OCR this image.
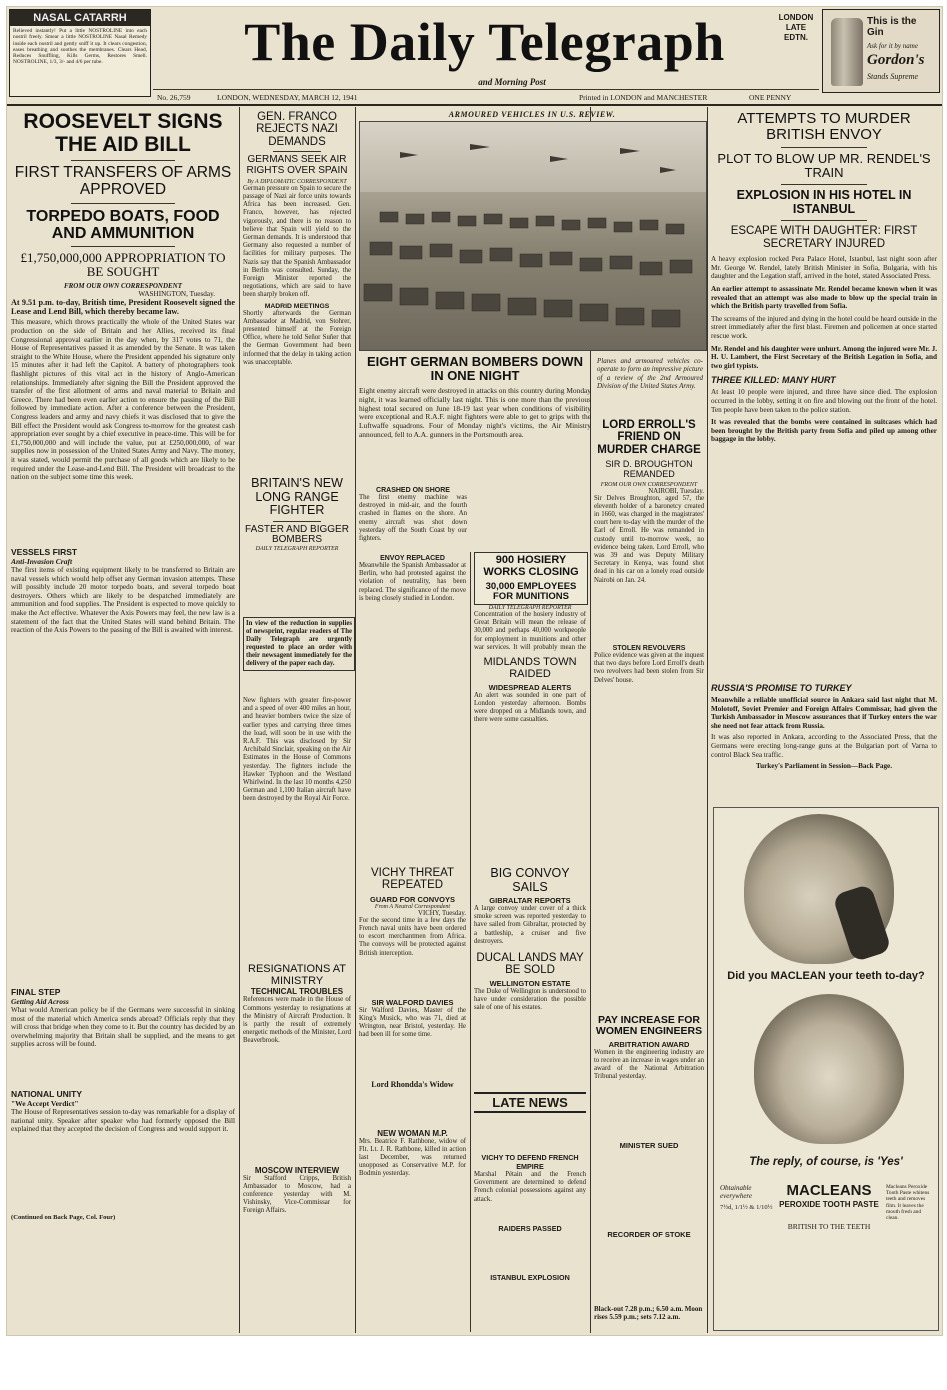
NASAL CATARRH
Relieved instantly! Put a little NOSTROLINE into each nostril freely. Smear a little NOSTROLINE Nasal Remedy inside each nostril and gently sniff it up. It clears congestion, eases breathing and soothes the membranes. Clears Head, Reduces Snuffling, Kills Germs, Restores Smell. NOSTROLINE, 1/3, 3/- and 4/6 per tube.	The Daily Telegraph
and Morning Post
LONDON LATE EDTN.
This is the Gin
Ask for it by name
Gordon's
Stands Supreme
No. 26,759	LONDON, WEDNESDAY, MARCH 12, 1941	Printed in LONDON and MANCHESTER	ONE PENNY
ROOSEVELT SIGNS THE AID BILL
FIRST TRANSFERS OF ARMS APPROVED
TORPEDO BOATS, FOOD AND AMMUNITION
£1,750,000,000 APPROPRIATION TO BE SOUGHT
FROM OUR OWN CORRESPONDENT
WASHINGTON, Tuesday.
At 9.51 p.m. to-day, British time, President Roosevelt signed the Lease and Lend Bill, which thereby became law.
This measure, which throws practically the whole of the United States war production on the side of Britain and her Allies, received its final Congressional approval earlier in the day when, by 317 votes to 71, the House of Representatives passed it as amended by the Senate. It was taken straight to the White House, where the President appended his signature only 15 minutes after it had left the Capitol. A battery of photographers took flashlight pictures of this vital act in the history of Anglo-American relationships. Immediately after signing the Bill the President approved the transfer of the first allotment of arms and naval material to Britain and Greece. There had been even earlier action to ensure the passing of the Bill followed by immediate action. After a conference between the President, Congress leaders and army and navy chiefs it was disclosed that to give the Bill effect the President would ask Congress to-morrow for the greatest cash appropriation ever sought by a chief executive in peace-time. This will be for £1,750,000,000 and will include the value, put at £250,000,000, of war supplies now in possession of the United States Army and Navy. The money, it was stated, would permit the purchase of all goods which are likely to be required under the Lease-and-Lend Bill. The President will broadcast to the nation on the subject some time this week.
VESSELS FIRST
Anti-Invasion Craft
The first items of existing equipment likely to be transferred to Britain are naval vessels which would help offset any German invasion attempts. These will possibly include 20 motor torpedo boats, and several torpedo boat destroyers. Others which are likely to be despatched immediately are ammunition and food supplies. The President is expected to move quickly to make the Act effective. Whatever the Axis Powers may feel, the new law is a statement of the fact that the United States will stand behind Britain. The reaction of the Axis Powers to the passing of the Bill is awaited with interest.
FINAL STEP
Getting Aid Across
What would American policy be if the Germans were successful in sinking most of the material which America sends abroad? Officials reply that they will cross that bridge when they come to it. But the country has decided by an overwhelming majority that Britain shall be supplied, and the means to get supplies across will be found.
NATIONAL UNITY
"We Accept Verdict"
The House of Representatives session to-day was remarkable for a display of national unity. Speaker after speaker who had formerly opposed the Bill explained that they accepted the decision of Congress and would support it.
(Continued on Back Page, Col. Four)
GEN. FRANCO REJECTS NAZI DEMANDS
GERMANS SEEK AIR RIGHTS OVER SPAIN
By A DIPLOMATIC CORRESPONDENT
German pressure on Spain to secure the passage of Nazi air force units towards Africa has been increased. Gen. Franco, however, has rejected vigorously, and there is no reason to believe that Spain will yield to the German demands. It is understood that Germany also requested a number of facilities for military purposes. The Nazis say that the Spanish Ambassador in Berlin was consulted. Sunday, the Foreign Minister reported the negotiations, which are said to have been sharply broken off.
MADRID MEETINGS
Shortly afterwards the German Ambassador at Madrid, von Stohrer, presented himself at the Foreign Office, where he told Señor Suñer that the German Government had been informed that the delay in taking action was unacceptable.
In view of the reduction in supplies of newsprint, regular readers of The Daily Telegraph are urgently requested to place an order with their newsagent immediately for the delivery of the paper each day.
BRITAIN'S NEW LONG RANGE FIGHTER
FASTER AND BIGGER BOMBERS
DAILY TELEGRAPH REPORTER
New fighters with greater fire-power and a speed of over 400 miles an hour, and heavier bombers twice the size of earlier types and carrying three times the load, will soon be in use with the R.A.F. This was disclosed by Sir Archibald Sinclair, speaking on the Air Estimates in the House of Commons yesterday. The fighters include the Hawker Typhoon and the Westland Whirlwind. In the last 10 months 4,250 German and 1,100 Italian aircraft have been destroyed by the Royal Air Force.
RESIGNATIONS AT MINISTRY
TECHNICAL TROUBLES
References were made in the House of Commons yesterday to resignations at the Ministry of Aircraft Production. It is partly the result of extremely energetic methods of the Minister, Lord Beaverbrook.
MOSCOW INTERVIEW
Sir Stafford Cripps, British Ambassador to Moscow, had a conference yesterday with M. Vishinsky, Vice-Commissar for Foreign Affairs.
ENVOY REPLACED
Meanwhile the Spanish Ambassador at Berlin, who had protested against the violation of neutrality, has been replaced. The significance of the move is being closely studied in London.
VICHY THREAT REPEATED
GUARD FOR CONVOYS
From A Neutral Correspondent
VICHY, Tuesday.
For the second time in a few days the French naval units have been ordered to escort merchantmen from Africa. The convoys will be protected against British interception.
SIR WALFORD DAVIES
Sir Walford Davies, Master of the King's Musick, who was 71, died at Wrington, near Bristol, yesterday. He had been ill for some time.
Lord Rhondda's Widow
NEW WOMAN M.P.
Mrs. Beatrice F. Rathbone, widow of Flt. Lt. J. R. Rathbone, killed in action last December, was returned unopposed as Conservative M.P. for Bodmin yesterday.
ARMOURED VEHICLES IN U.S. REVIEW.
Planes and armoured vehicles co-operate to form an impressive picture of a review of the 2nd Armoured Division of the United States Army.
EIGHT GERMAN BOMBERS DOWN IN ONE NIGHT
Eight enemy aircraft were destroyed in attacks on this country during Monday night, it was learned officially last night. This is one more than the previous highest total secured on June 18-19 last year when conditions of visibility were exceptional and R.A.F. night fighters were able to get to grips with the Luftwaffe squadrons. Four of Monday night's victims, the Air Ministry announced, fell to A.A. gunners in the Portsmouth area.
CRASHED ON SHORE
The first enemy machine was destroyed in mid-air, and the fourth crashed in flames on the shore. An enemy aircraft was shot down yesterday off the South Coast by our fighters.
MIDLANDS TOWN RAIDED
WIDESPREAD ALERTS
An alert was sounded in one part of London yesterday afternoon. Bombs were dropped on a Midlands town, and there were some casualties.
BIG CONVOY SAILS
GIBRALTAR REPORTS
A large convoy under cover of a thick smoke screen was reported yesterday to have sailed from Gibraltar, protected by a battleship, a cruiser and five destroyers.
LATE NEWS
VICHY TO DEFEND FRENCH EMPIRE
Marshal Pétain and the French Government are determined to defend French colonial possessions against any attack.
RAIDERS PASSED
ISTANBUL EXPLOSION
900 HOSIERY WORKS CLOSING
30,000 EMPLOYEES FOR MUNITIONS
DAILY TELEGRAPH REPORTER
Concentration of the hosiery industry of Great Britain will mean the release of 30,000 and perhaps 40,000 workpeople for employment in munitions and other war services. It will probably mean the
DUCAL LANDS MAY BE SOLD
WELLINGTON ESTATE
The Duke of Wellington is understood to have under consideration the possible sale of one of his estates.
LORD ERROLL'S FRIEND ON MURDER CHARGE
SIR D. BROUGHTON REMANDED
FROM OUR OWN CORRESPONDENT
NAIROBI, Tuesday.
Sir Delves Broughton, aged 57, the eleventh holder of a baronetcy created in 1660, was charged in the magistrates' court here to-day with the murder of the Earl of Erroll. He was remanded in custody until to-morrow week, no evidence being taken. Lord Erroll, who was 39 and was Deputy Military Secretary in Kenya, was found shot dead in his car on a lonely road outside Nairobi on Jan. 24.
STOLEN REVOLVERS
Police evidence was given at the inquest that two days before Lord Erroll's death two revolvers had been stolen from Sir Delves' house.
PAY INCREASE FOR WOMEN ENGINEERS
ARBITRATION AWARD
Women in the engineering industry are to receive an increase in wages under an award of the National Arbitration Tribunal yesterday.
MINISTER SUED
RECORDER OF STOKE
Black-out 7.28 p.m.; 6.50 a.m. Moon rises 5.59 p.m.; sets 7.12 a.m.
ATTEMPTS TO MURDER BRITISH ENVOY
PLOT TO BLOW UP MR. RENDEL'S TRAIN
EXPLOSION IN HIS HOTEL IN ISTANBUL
ESCAPE WITH DAUGHTER: FIRST SECRETARY INJURED
A heavy explosion rocked Pera Palace Hotel, Istanbul, last night soon after Mr. George W. Rendel, lately British Minister in Sofia, Bulgaria, with his daughter and the Legation staff, arrived in the hotel, stated Associated Press.
An earlier attempt to assassinate Mr. Rendel became known when it was revealed that an attempt was also made to blow up the special train in which the British party travelled from Sofia.
The screams of the injured and dying in the hotel could be heard outside in the street immediately after the first blast. Firemen and policemen at once started rescue work.
Mr. Rendel and his daughter were unhurt. Among the injured were Mr. J. H. U. Lambert, the First Secretary of the British Legation in Sofia, and two girl typists.
THREE KILLED: MANY HURT
At least 10 people were injured, and three have since died. The explosion occurred in the lobby, setting it on fire and blowing out the front of the hotel. Ten people have been taken to the police station.
It was revealed that the bombs were contained in suitcases which had been brought by the British party from Sofia and piled up among other baggage in the lobby.
RUSSIA'S PROMISE TO TURKEY
Meanwhile a reliable unofficial source in Ankara said last night that M. Molotoff, Soviet Premier and Foreign Affairs Commissar, had given the Turkish Ambassador in Moscow assurances that if Turkey enters the war she need not fear attack from Russia.
It was also reported in Ankara, according to the Associated Press, that the Germans were erecting long-range guns at the Bulgarian port of Varna to control Black Sea traffic.
Turkey's Parliament in Session—Back Page.
Did you MACLEAN your teeth to-day?
The reply, of course, is 'Yes'
Obtainable everywhere
7½d, 1/1½ & 1/10½
MACLEANS
PEROXIDE TOOTH PASTE
BRITISH TO THE TEETH
Macleans Peroxide Tooth Paste whitens teeth and removes film. It leaves the mouth fresh and clean.
